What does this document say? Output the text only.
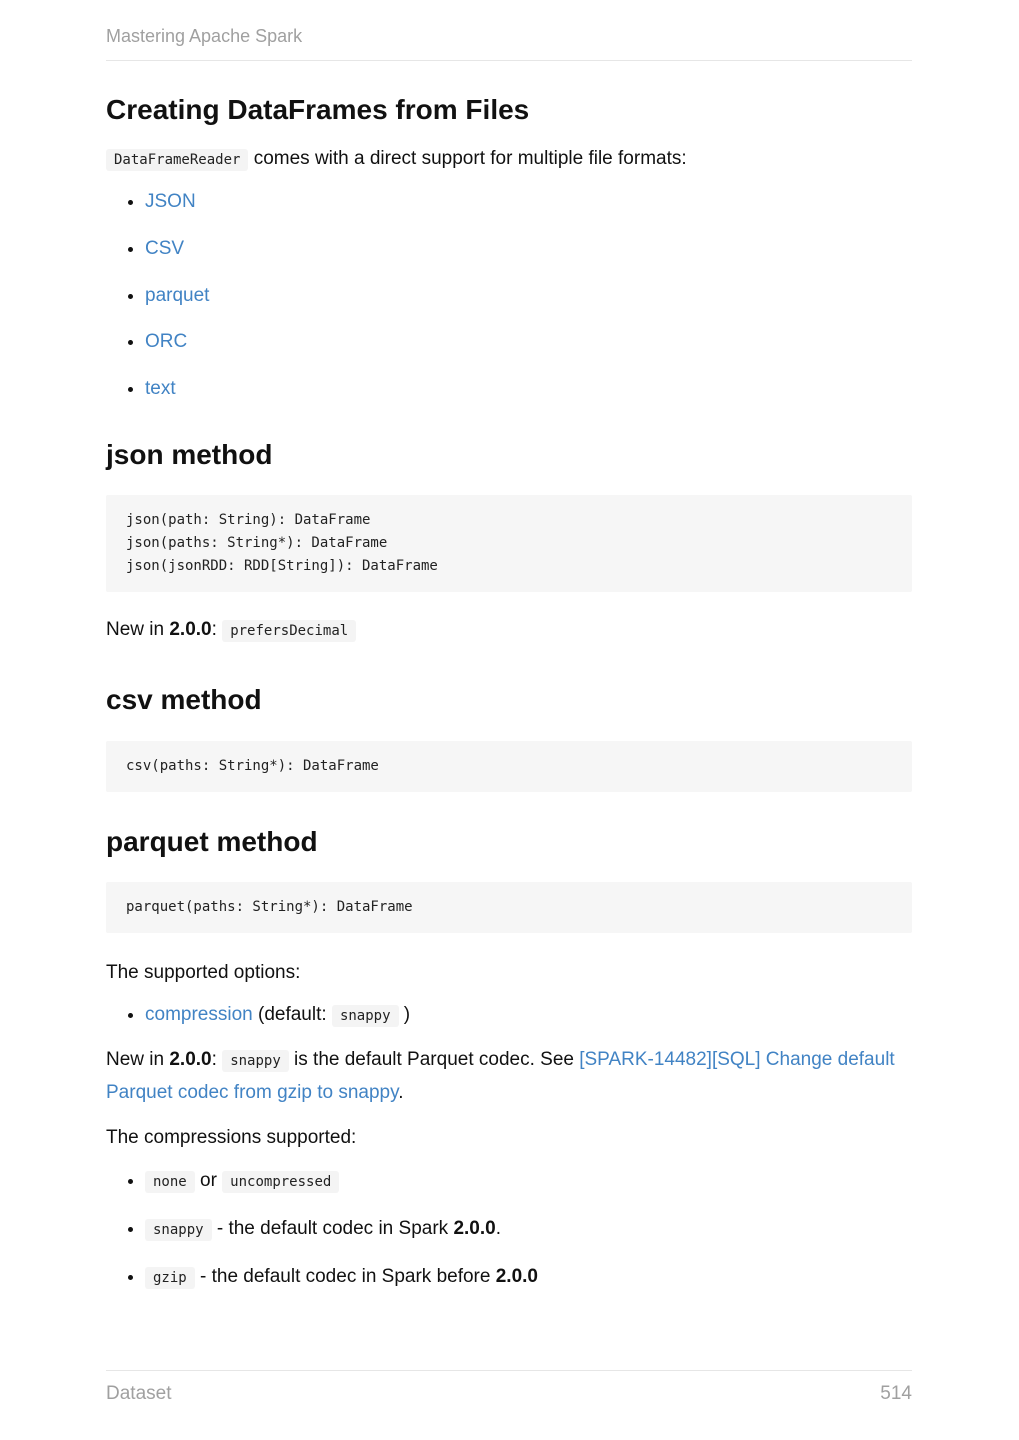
Mastering Apache Spark
Creating DataFrames from Files

DataFrameReader comes with a direct support for multiple file formats:

• JSON
• CSV
• parquet
• ORC
• text
json method
json(path: String): DataFrame
json(paths: String*): DataFrame
json(jsonRDD: RDD[String]): DataFrame

New in 2.0.0: prefersDecimal

csv method
csv(paths: String*): DataFrame
parquet method
parquet(paths: String*): DataFrame

The supported options:

• compression (default: snappy )

New in 2.0.0: snappy is the default Parquet codec. See [SPARK-14482][SQL] Change default Parquet codec from gzip to snappy.

The compressions supported:

• none or uncompressed
• snappy - the default codec in Spark 2.0.0.
• gzip - the default codec in Spark before 2.0.0
Dataset	514
